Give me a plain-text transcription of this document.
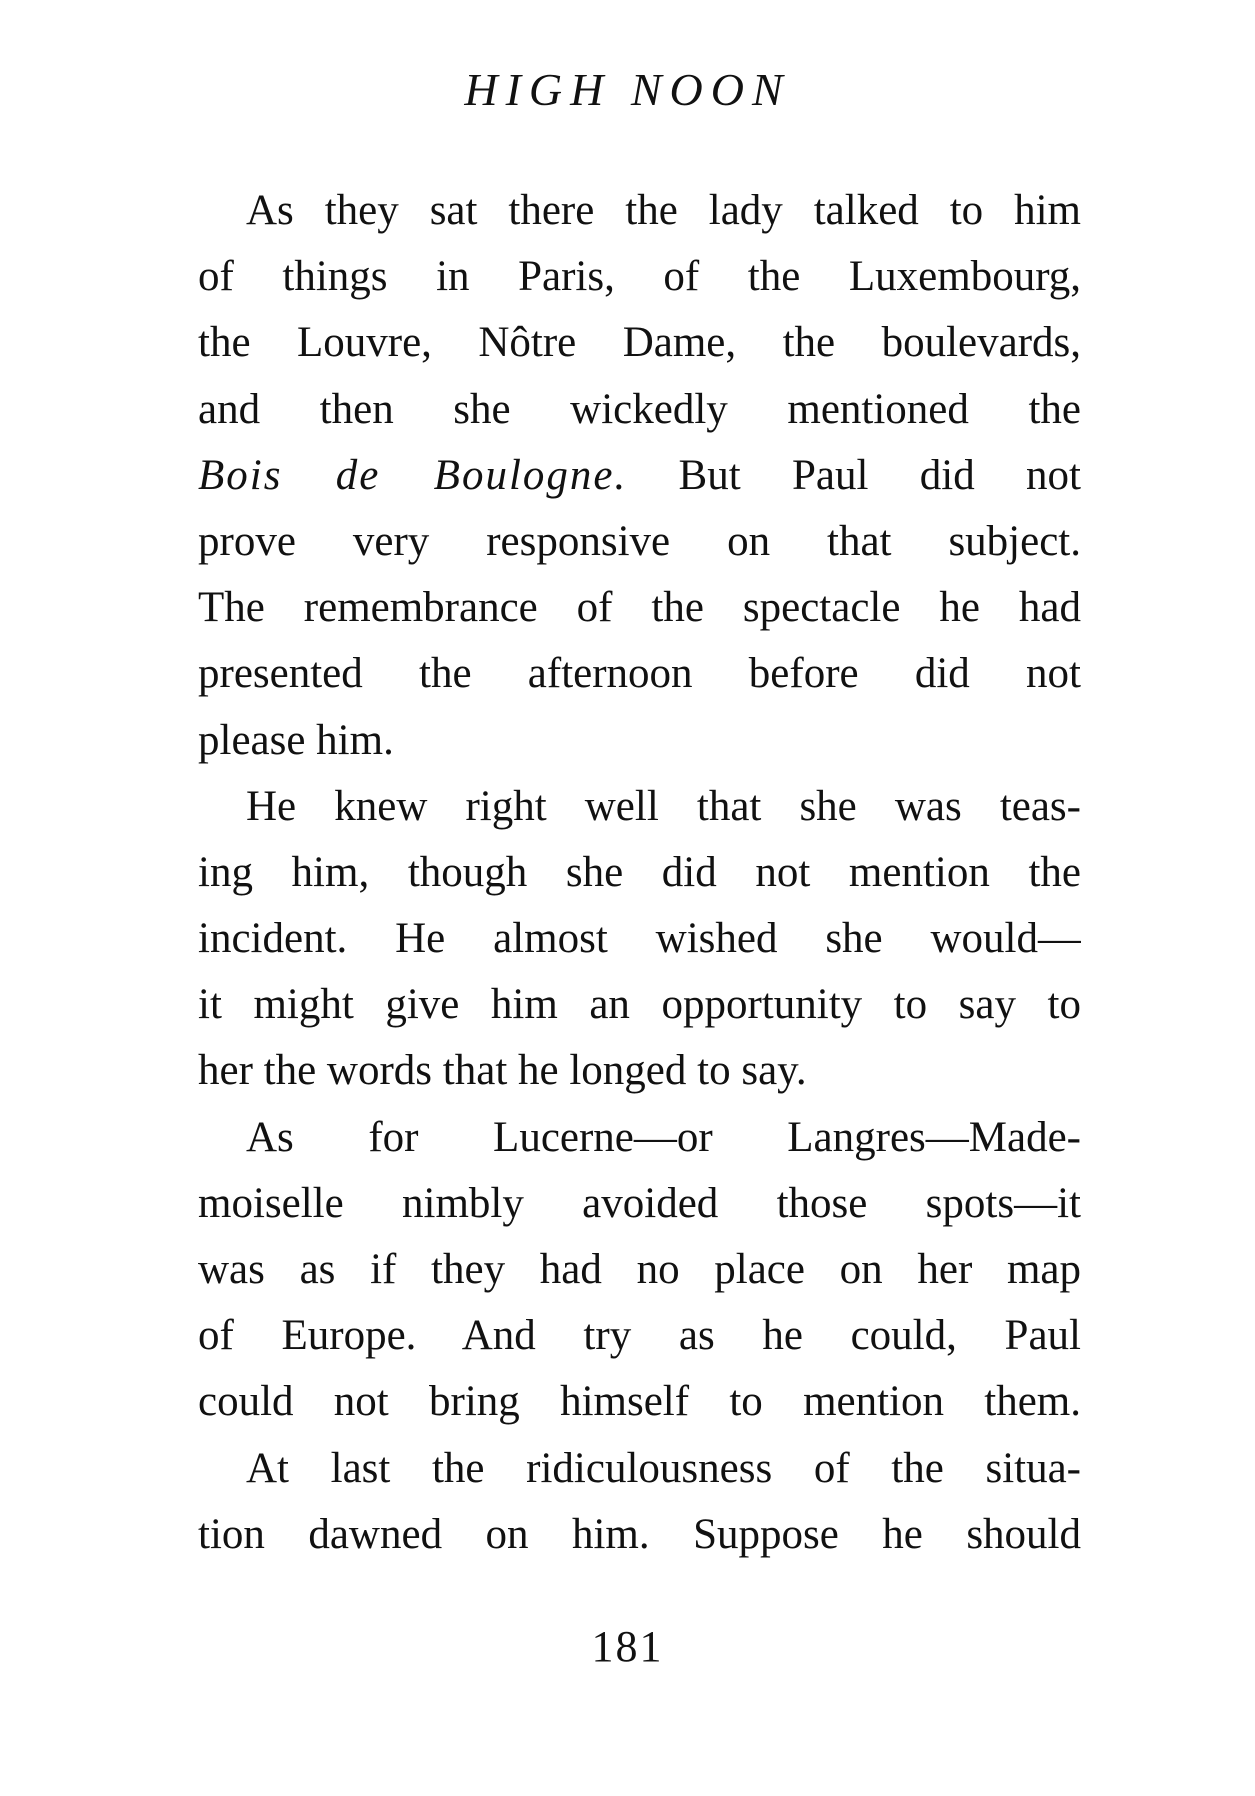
HIGH NOON
As they sat there the lady talked to him
of things in Paris, of the Luxembourg,
the Louvre, Nôtre Dame, the boulevards,
and then she wickedly mentioned the
Bois de Boulogne. But Paul did not
prove very responsive on that subject.
The remembrance of the spectacle he had
presented the afternoon before did not
please him.
He knew right well that she was teas-
ing him, though she did not mention the
incident. He almost wished she would—
it might give him an opportunity to say to
her the words that he longed to say.
As for Lucerne—or Langres—Made-
moiselle nimbly avoided those spots—it
was as if they had no place on her map
of Europe. And try as he could, Paul
could not bring himself to mention them.
At last the ridiculousness of the situa-
tion dawned on him. Suppose he should
181
